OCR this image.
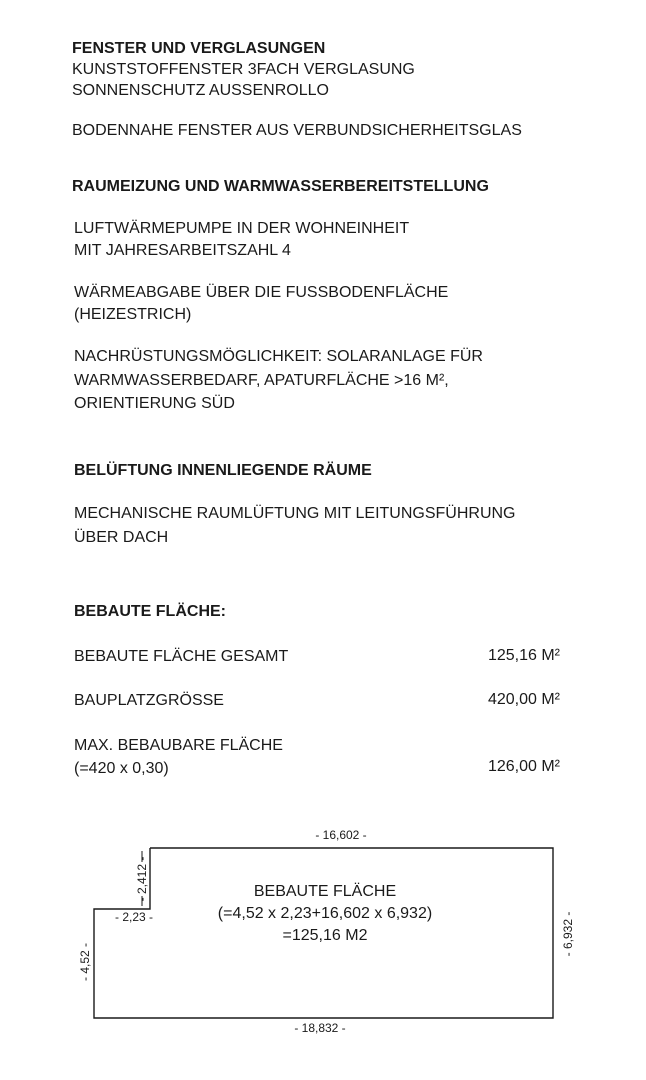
FENSTER UND VERGLASUNGEN
KUNSTSTOFFENSTER 3FACH VERGLASUNG
SONNENSCHUTZ AUSSENROLLO
BODENNAHE FENSTER AUS VERBUNDSICHERHEITSGLAS
RAUMEIZUNG UND WARMWASSERBEREITSTELLUNG
LUFTWÄRMEPUMPE IN DER WOHNEINHEIT
MIT JAHRESARBEITSZAHL 4
WÄRMEABGABE ÜBER DIE FUSSBODENFLÄCHE
(HEIZESTRICH)
NACHRÜSTUNGSMÖGLICHKEIT: SOLARANLAGE FÜR
WARMWASSERBEDARF, APATURFLÄCHE >16 M²,
ORIENTIERUNG SÜD
BELÜFTUNG INNENLIEGENDE RÄUME
MECHANISCHE RAUMLÜFTUNG MIT LEITUNGSFÜHRUNG
ÜBER DACH
BEBAUTE FLÄCHE:
BEBAUTE FLÄCHE GESAMT	125,16 M²
BAUPLATZGRÖSSE	420,00 M²
MAX. BEBAUBARE FLÄCHE
(=420 x 0,30)	126,00 M²
- 16,602 -
- 18,832 -
- 2,23 -
- 2,412 -
- 4,52 -
- 6,932 -
BEBAUTE FLÄCHE
(=4,52 x 2,23+16,602 x 6,932)
=125,16 M2
